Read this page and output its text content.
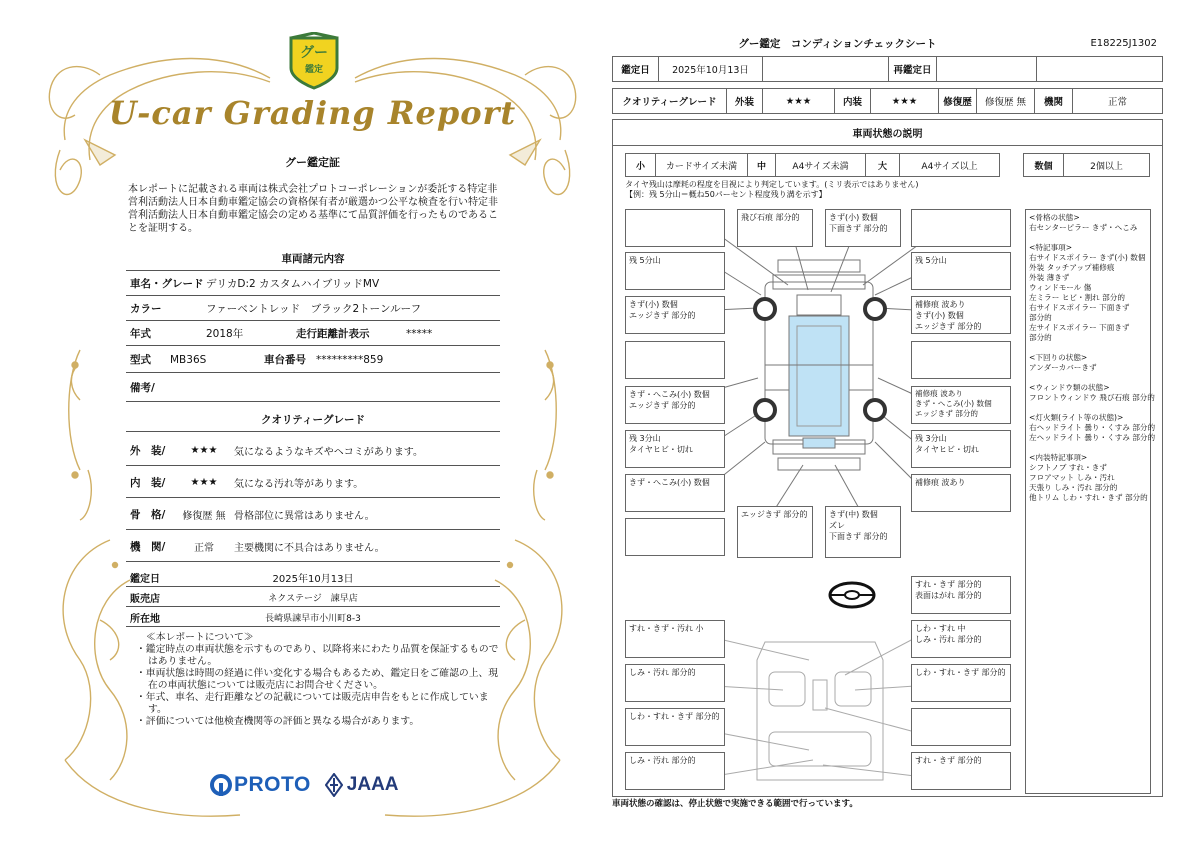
グー
鑑定
U-car Grading Report
グー鑑定証
本レポートに記載される車両は株式会社プロトコーポレーションが委託する特定非営利活動法人日本自動車鑑定協会の資格保有者が厳選かつ公平な検査を行い特定非営利活動法人日本自動車鑑定協会の定める基準にて品質評価を行ったものであることを証明する。
車両諸元内容
車名・グレード デリカD:2 カスタムハイブリッドMV
カラー	ファーベントレッド　ブラック2トーンルーフ
年式	2018年	走行距離計表示	*****
型式	MB36S	車台番号 *********859
備考/
クオリティーグレード
外　装/	★★★	気になるようなキズやヘコミがあります。
内　装/	★★★	気になる汚れ等があります。
骨　格/	修復歴 無 骨格部位に異常はありません。
機　関/	正常	主要機関に不具合はありません。
鑑定日	2025年10月13日
販売店	ネクステージ　諫早店
所在地	長崎県諫早市小川町8-3
≪本レポートについて≫
・鑑定時点の車両状態を示すものであり、以降将来にわたり品質を保証するものではありません。
・車両状態は時間の経過に伴い変化する場合もあるため、鑑定日をご確認の上、現在の車両状態については販売店にお問合せください。
・年式、車名、走行距離などの記載については販売店申告をもとに作成しています。
・評価については他検査機関等の評価と異なる場合があります。
PROTO JAAA
グー鑑定　コンディションチェックシート	E18225J1302
鑑定日	2025年10月13日	再鑑定日
クオリティーグレード	外装	★★★	内装	★★★	修復歴	修復歴 無	機関	正常
車両状態の説明
小	カードサイズ未満	中	A4サイズ未満	大	A4サイズ以上	数個	2個以上
タイヤ残山は摩耗の程度を目視により判定しています。(ミリ表示ではありません)
【例：残 5分山＝概ね50パーセント程度残り溝を示す】
飛び石痕 部分的	きず(小) 数個
下面きず 部分的
残 5分山	残 5分山
きず(小) 数個
エッジきず 部分的
補修痕 波あり
きず(小) 数個
エッジきず 部分的
きず・へこみ(小) 数個
エッジきず 部分的
補修痕 波あり
きず・へこみ(小) 数個
エッジきず 部分的
残 3分山
タイヤヒビ・切れ
残 3分山
タイヤヒビ・切れ
きず・へこみ(小) 数個	補修痕 波あり
エッジきず 部分的	きず(中) 数個
ズレ
下面きず 部分的
すれ・きず 部分的
表面はがれ 部分的
すれ・きず・汚れ 小	しわ・すれ 中
しみ・汚れ 部分的
しみ・汚れ 部分的	しわ・すれ・きず 部分的
しわ・すれ・きず 部分的
しみ・汚れ 部分的	すれ・きず 部分的
<骨格の状態>
右センターピラー きず・へこみ

<特記事項>
右サイドスポイラー きず(小) 数個
外装 タッチアップ補修痕
外装 薄きず
ウィンドモール 傷
左ミラー ヒビ・割れ 部分的
右サイドスポイラー 下面きず
部分的
左サイドスポイラー 下面きず
部分的

<下回りの状態>
アンダーカバーきず

<ウィンドウ類の状態>
フロントウィンドウ 飛び石痕 部分的

<灯火類(ライト等の状態)>
右ヘッドライト 曇り・くすみ 部分的
左ヘッドライト 曇り・くすみ 部分的

<内装特記事項>
シフトノブ すれ・きず
フロアマット しみ・汚れ
天張り しみ・汚れ 部分的
他トリム しわ・すれ・きず 部分的
車両状態の確認は、停止状態で実施できる範囲で行っています。
